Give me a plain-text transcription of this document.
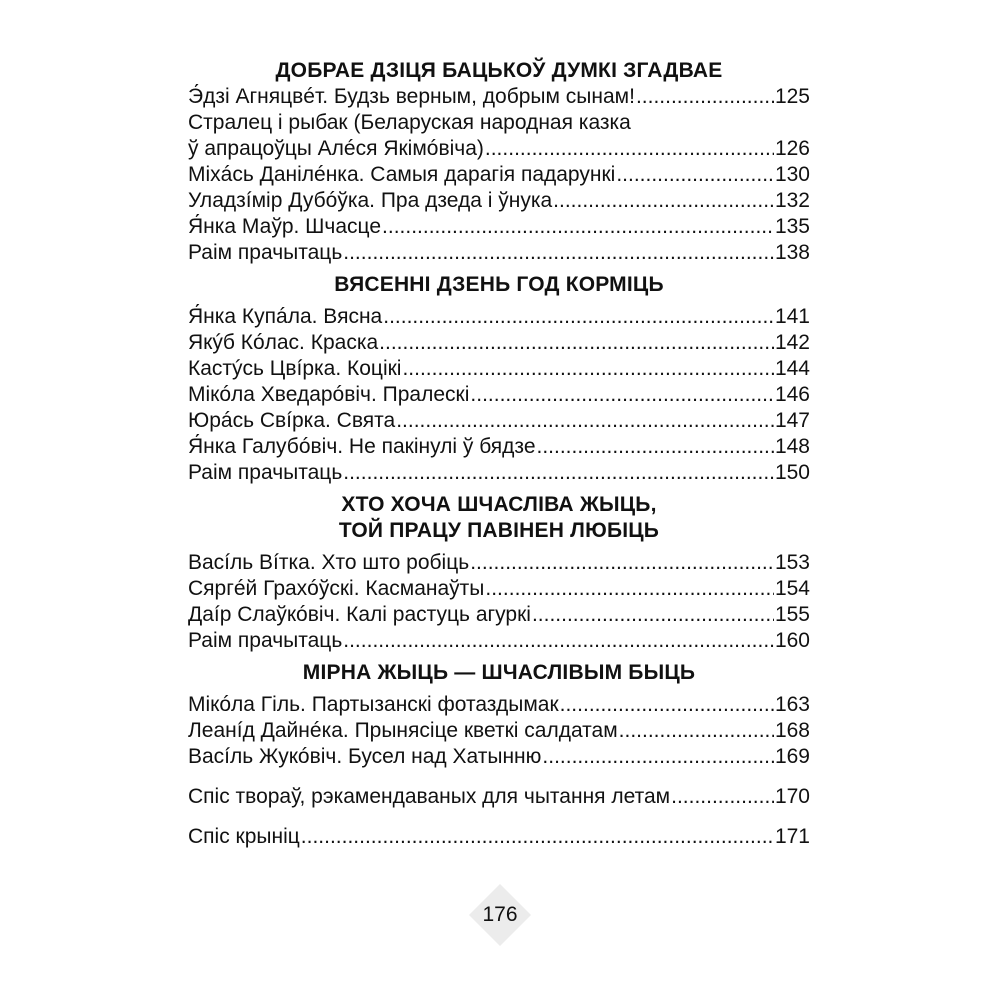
ДОБРАЕ ДЗІЦЯ БАЦЬКОЎ ДУМКІ ЗГАДВАЕ
Э́дзі Агняцвéт. Будзь верным, добрым сынам! .....	125
Стралец і рыбак (Беларуская народная казка
ў апрацоўцы Алéся Якімóвіча) .....	126
Міхáсь Данілéнка. Самыя дарагія падарункі .....	130
Уладзíмір Дубóўка. Пра дзеда і ўнука .....	132
Я́нка Маўр. Шчасце .....	135
Раім прачытаць .....	138
ВЯСЕННІ ДЗЕНЬ ГОД КОРМІЦЬ
Я́нка Купáла. Вясна .....	141
Якýб Кóлас. Краска .....	142
Кастýсь Цвíрка. Коцікі .....	144
Мікóла Хведарóвіч. Пралескі .....	146
Юрáсь Свíрка. Свята .....	147
Я́нка Галубóвіч. Не пакінулі ў бядзе .....	148
Раім прачытаць .....	150
ХТО ХОЧА ШЧАСЛІВА ЖЫЦЬ,
ТОЙ ПРАЦУ ПАВІНЕН ЛЮБІЦЬ
Васíль Вíтка. Хто што робіць .....	153
Сяргéй Грахóўскі. Касманаўты .....	154
Даíр Слаўкóвіч. Калі растуць агуркі .....	155
Раім прачытаць .....	160
МІРНА ЖЫЦЬ — ШЧАСЛІВЫМ БЫЦЬ
Мікóла Гіль. Партызанскі фотаздымак .....	163
Леанíд Дайнéка. Прынясіце кветкі салдатам .....	168
Васíль Жукóвіч. Бусел над Хатынню .....	169
Спіс твораў, рэкамендаваных для чытання летам .....	170
Спіс крыніц .....	171
176
